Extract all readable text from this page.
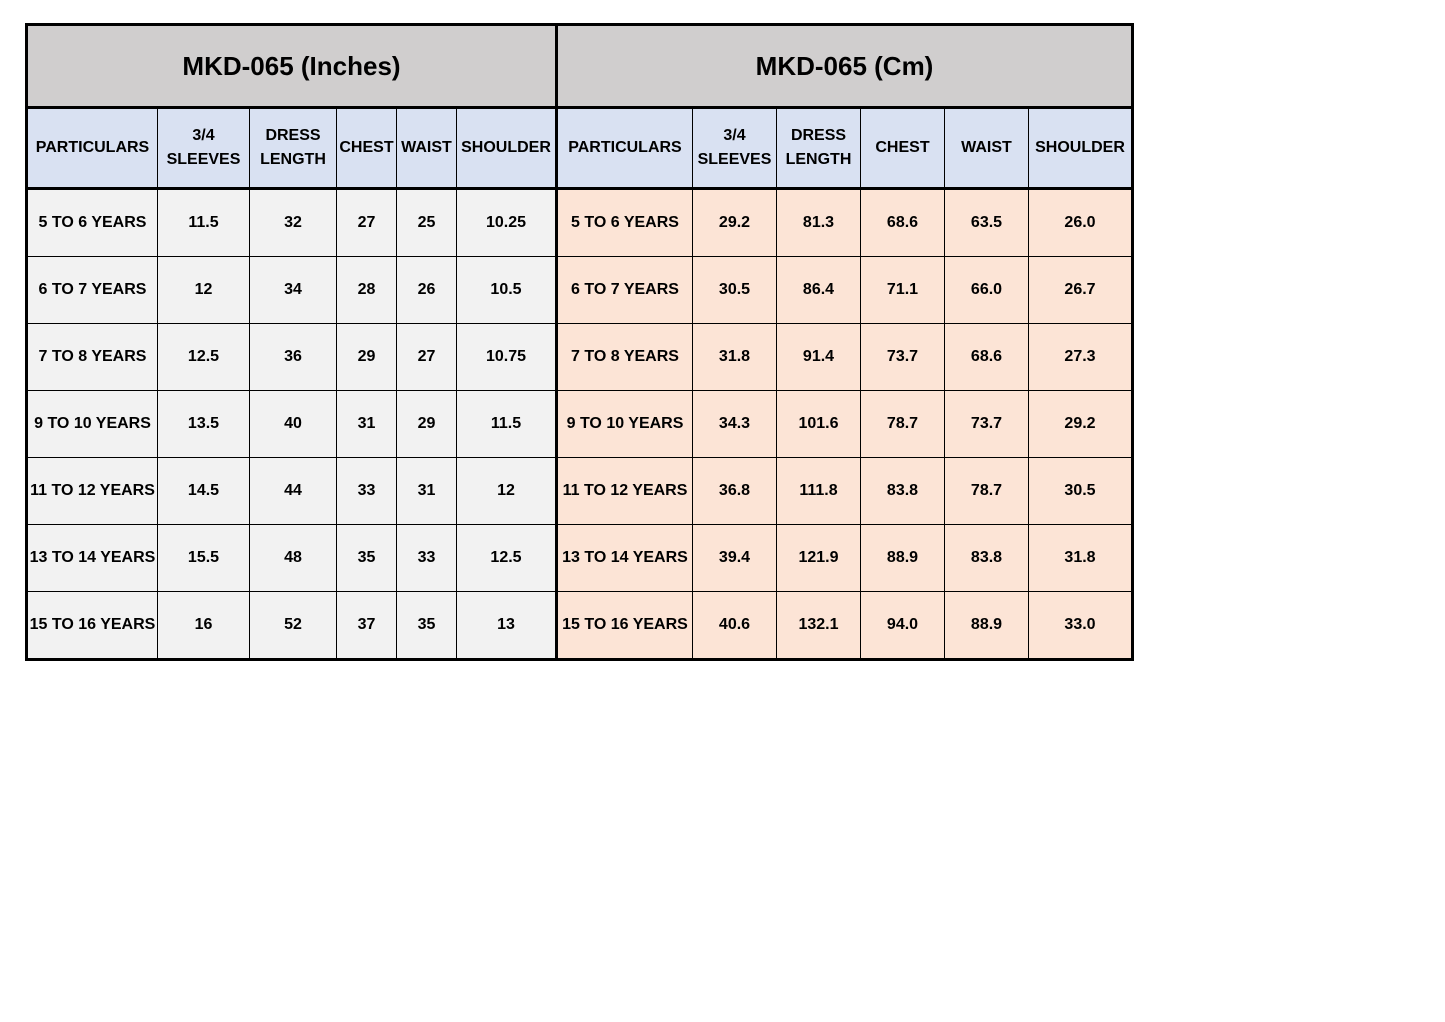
MKD-065 (Inches)						MKD-065 (Cm)					
PARTICULARS	3/4 SLEEVES	DRESS LENGTH	CHEST	WAIST	SHOULDER	PARTICULARS	3/4 SLEEVES	DRESS LENGTH	CHEST	WAIST	SHOULDER
5 TO 6 YEARS	11.5	32	27	25	10.25	5 TO 6 YEARS	29.2	81.3	68.6	63.5	26.0
6 TO 7 YEARS	12	34	28	26	10.5	6 TO 7 YEARS	30.5	86.4	71.1	66.0	26.7
7 TO 8 YEARS	12.5	36	29	27	10.75	7 TO 8 YEARS	31.8	91.4	73.7	68.6	27.3
9 TO 10 YEARS	13.5	40	31	29	11.5	9 TO 10 YEARS	34.3	101.6	78.7	73.7	29.2
11 TO 12 YEARS	14.5	44	33	31	12	11 TO 12 YEARS	36.8	111.8	83.8	78.7	30.5
13 TO 14 YEARS	15.5	48	35	33	12.5	13 TO 14 YEARS	39.4	121.9	88.9	83.8	31.8
15 TO 16 YEARS	16	52	37	35	13	15 TO 16 YEARS	40.6	132.1	94.0	88.9	33.0
